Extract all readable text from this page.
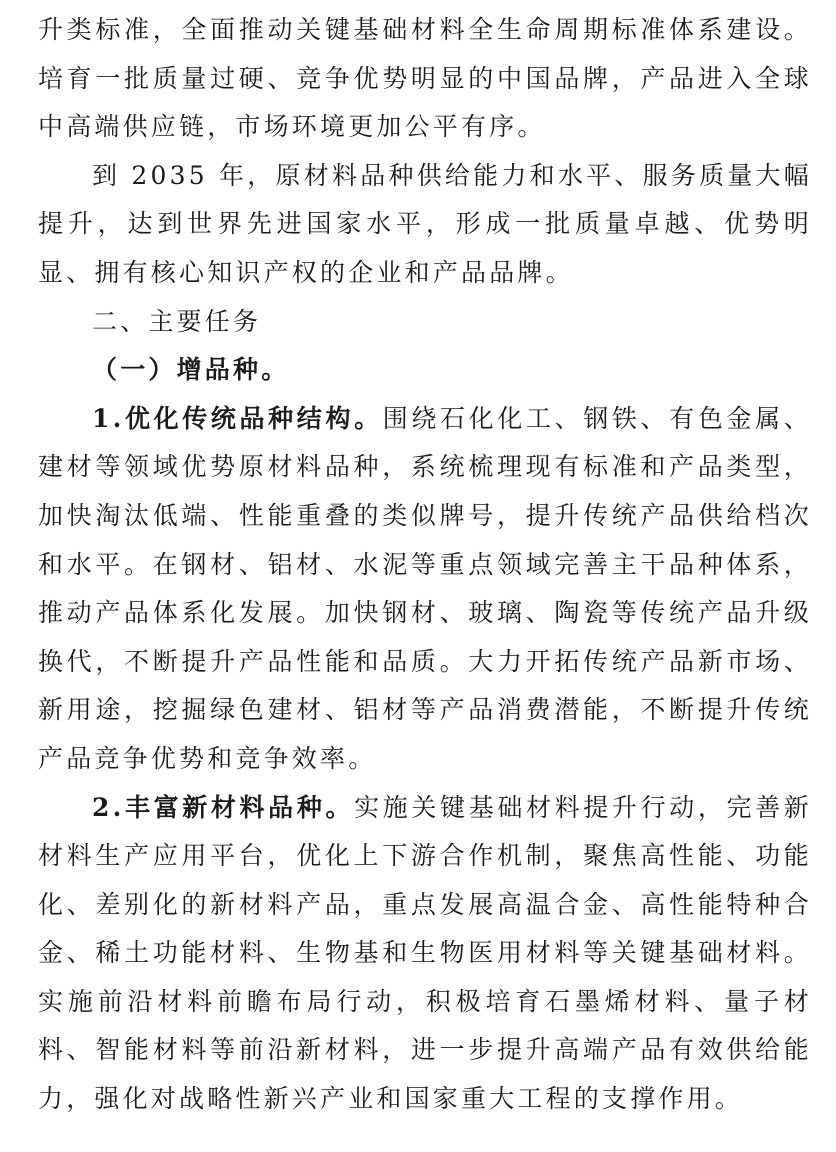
升类标准，全面推动关键基础材料全生命周期标准体系建设。培育一批质量过硬、竞争优势明显的中国品牌，产品进入全球中高端供应链，市场环境更加公平有序。

到 2035 年，原材料品种供给能力和水平、服务质量大幅提升，达到世界先进国家水平，形成一批质量卓越、优势明显、拥有核心知识产权的企业和产品品牌。

二、主要任务

（一）增品种。

1.优化传统品种结构。围绕石化化工、钢铁、有色金属、建材等领域优势原材料品种，系统梳理现有标准和产品类型，加快淘汰低端、性能重叠的类似牌号，提升传统产品供给档次和水平。在钢材、铝材、水泥等重点领域完善主干品种体系，推动产品体系化发展。加快钢材、玻璃、陶瓷等传统产品升级换代，不断提升产品性能和品质。大力开拓传统产品新市场、新用途，挖掘绿色建材、铝材等产品消费潜能，不断提升传统产品竞争优势和竞争效率。

2.丰富新材料品种。实施关键基础材料提升行动，完善新材料生产应用平台，优化上下游合作机制，聚焦高性能、功能化、差别化的新材料产品，重点发展高温合金、高性能特种合金、稀土功能材料、生物基和生物医用材料等关键基础材料。实施前沿材料前瞻布局行动，积极培育石墨烯材料、量子材料、智能材料等前沿新材料，进一步提升高端产品有效供给能力，强化对战略性新兴产业和国家重大工程的支撑作用。
